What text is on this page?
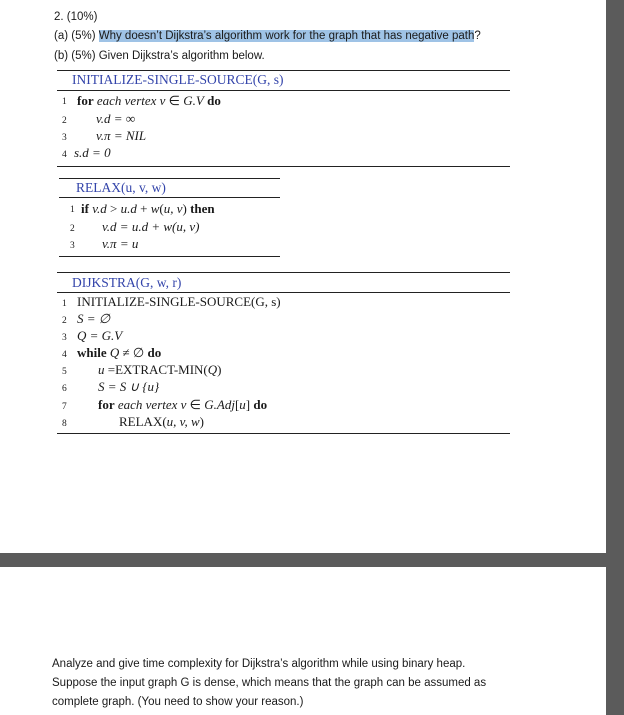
2. (10%)
(a) (5%) Why doesn’t Dijkstra’s algorithm work for the graph that has negative path?
(b) (5%) Given Dijkstra’s algorithm below.
INITIALIZE-SINGLE-SOURCE(G, s)
1 for each vertex v ∈ G.V do
2 v.d = ∞
3 v.π = NIL
4 s.d = 0
RELAX(u, v, w)
1 if v.d > u.d + w(u, v) then
2 v.d = u.d + w(u, v)
3 v.π = u
DIJKSTRA(G, w, r)
1 INITIALIZE-SINGLE-SOURCE(G, s)
2 S = ∅
3 Q = G.V
4 while Q ≠ ∅ do
5 u =EXTRACT-MIN(Q)
6 S = S ∪ {u}
7 for each vertex v ∈ G.Adj[u] do
8	RELAX(u, v, w)
Analyze and give time complexity for Dijkstra’s algorithm while using binary heap.
Suppose the input graph G is dense, which means that the graph can be assumed as
complete graph. (You need to show your reason.)
